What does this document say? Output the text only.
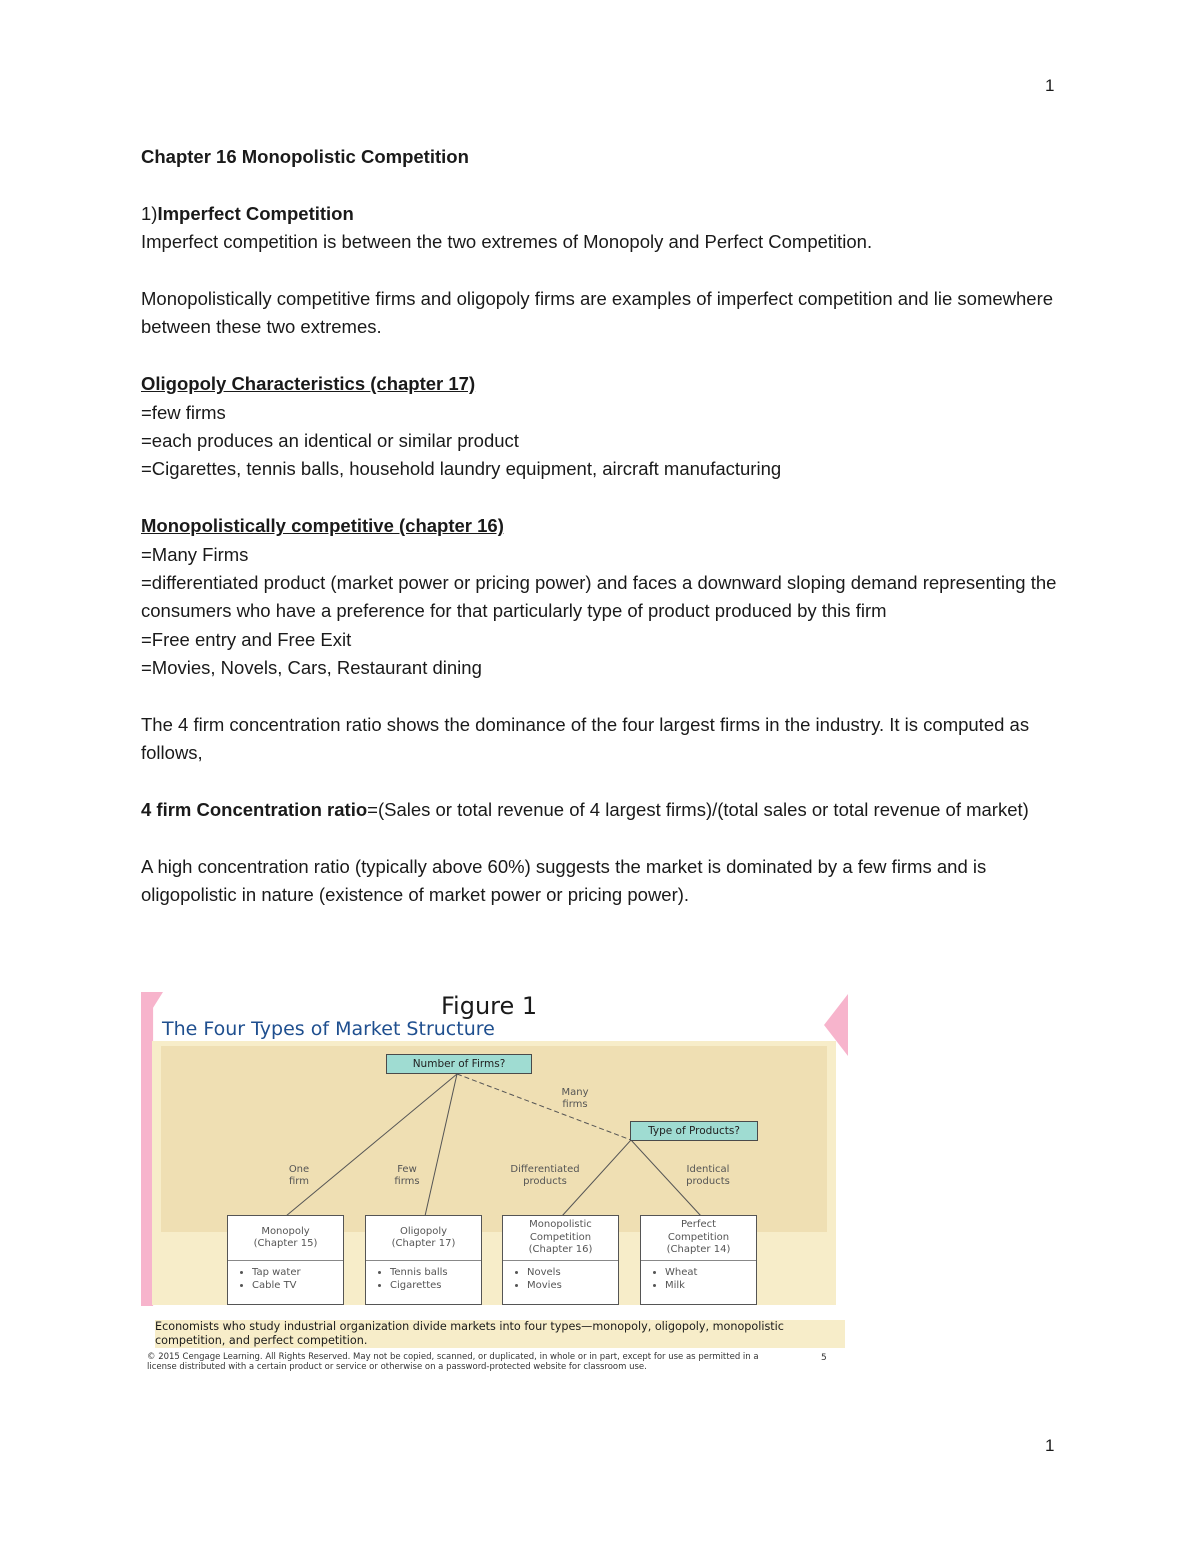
1

Chapter 16 Monopolistic Competition

1)Imperfect Competition

Imperfect competition is between the two extremes of Monopoly and Perfect Competition.

Monopolistically competitive firms and oligopoly firms are examples of imperfect competition and lie somewhere between these two extremes.

Oligopoly Characteristics (chapter 17)

=few firms

=each produces an identical or similar product

=Cigarettes, tennis balls, household laundry equipment, aircraft manufacturing

Monopolistically competitive (chapter 16)

=Many Firms

=differentiated product (market power or pricing power) and faces a downward sloping demand representing the consumers who have a preference for that particularly type of product produced by this firm

=Free entry and Free Exit

=Movies, Novels, Cars, Restaurant dining

The 4 firm concentration ratio shows the dominance of the four largest firms in the industry. It is computed as follows,

4 firm Concentration ratio=(Sales or total revenue of 4 largest firms)/(total sales or total revenue of market)

A high concentration ratio (typically above 60%) suggests the market is dominated by a few firms and is oligopolistic in nature (existence of market power or pricing power).

Figure 1
The Four Types of Market Structure
Number of Firms?
Type of Products?
One
firm
Few
firms
Many
firms
Differentiated
products
Identical
products
Monopoly
(Chapter 15)
• Tap water
• Cable TV
Oligopoly
(Chapter 17)
• Tennis balls
• Cigarettes
Monopolistic
Competition
(Chapter 16)
• Novels
• Movies
Perfect
Competition
(Chapter 14)
• Wheat
• Milk
Economists who study industrial organization divide markets into four types—monopoly, oligopoly, monopolistic competition, and perfect competition.
© 2015 Cengage Learning. All Rights Reserved. May not be copied, scanned, or duplicated, in whole or in part, except for use as permitted in a license distributed with a certain product or service or otherwise on a password-protected website for classroom use.
5
1
